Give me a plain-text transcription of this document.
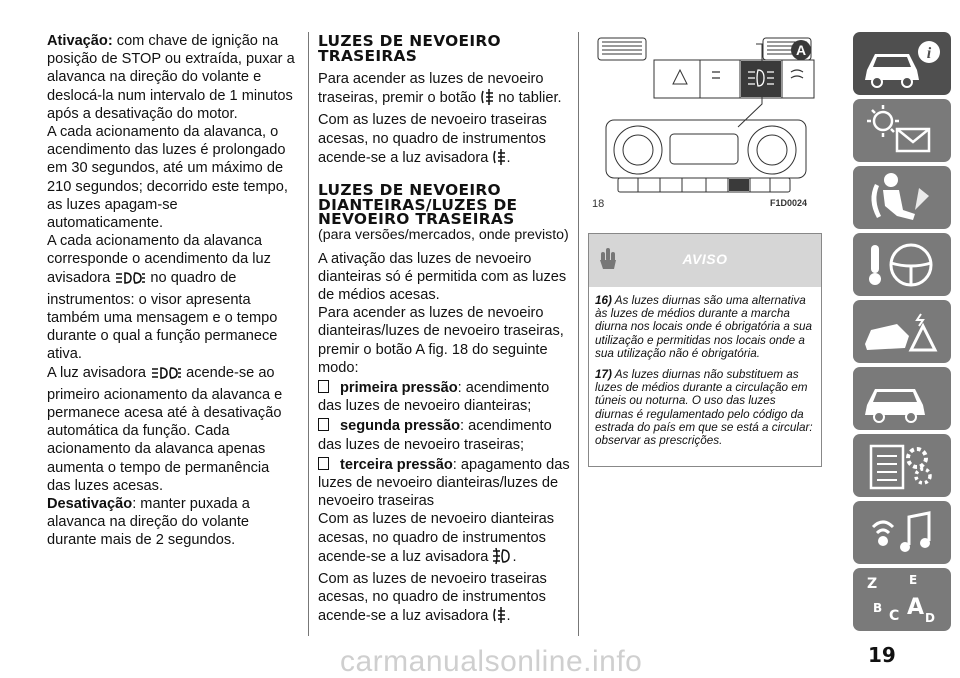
Ativação: com chave de ignição na posição de STOP ou extraída, puxar a alavanca na direção do volante e deslocá-la num intervalo de 1 minutos após a desativação do motor.
A cada acionamento da alavanca, o acendimento das luzes é prolongado em 30 segundos, até um máximo de 210 segundos; decorrido este tempo, as luzes apagam-se automaticamente.
A cada acionamento da alavanca corresponde o acendimento da luz avisadora	no quadro de instrumentos: o visor apresenta também uma mensagem e o tempo durante o qual a função permanece ativa.
A luz avisadora	acende-se ao primeiro acionamento da alavanca e permanece acesa até à desativação automática da função. Cada acionamento da alavanca apenas aumenta o tempo de permanência das luzes acesas.
Desativação: manter puxada a alavanca na direção do volante durante mais de 2 segundos.
LUZES DE NEVOEIRO TRASEIRAS
Para acender as luzes de nevoeiro traseiras, premir o botão no tablier.
Com as luzes de nevoeiro traseiras acesas, no quadro de instrumentos acende-se a luz avisadora .
LUZES DE NEVOEIRO DIANTEIRAS/LUZES DE NEVOEIRO TRASEIRAS
(para versões/mercados, onde previsto)
A ativação das luzes de nevoeiro dianteiras só é permitida com as luzes de médios acesas.
Para acender as luzes de nevoeiro dianteiras/luzes de nevoeiro traseiras, premir o botão A fig. 18 do seguinte modo:
primeira pressão: acendimento das luzes de nevoeiro dianteiras;
segunda pressão: acendimento das luzes de nevoeiro traseiras;
terceira pressão: apagamento das luzes de nevoeiro dianteiras/luzes de nevoeiro traseiras
Com as luzes de nevoeiro dianteiras acesas, no quadro de instrumentos acende-se a luz avisadora .
Com as luzes de nevoeiro traseiras acesas, no quadro de instrumentos acende-se a luz avisadora .
A
18	F1D0024
AVISO
16) As luzes diurnas são uma alternativa às luzes de médios durante a marcha diurna nos locais onde é obrigatória a sua utilização e permitidas nos locais onde a sua utilização não é obrigatória.
17) As luzes diurnas não substituem as luzes de médios durante a circulação em túneis ou noturna. O uso das luzes diurnas é regulamentado pelo código da estrada do país em que se está a circular: observar as prescrições.
i
Z	E
B C A D
carmanualsonline.info	19
